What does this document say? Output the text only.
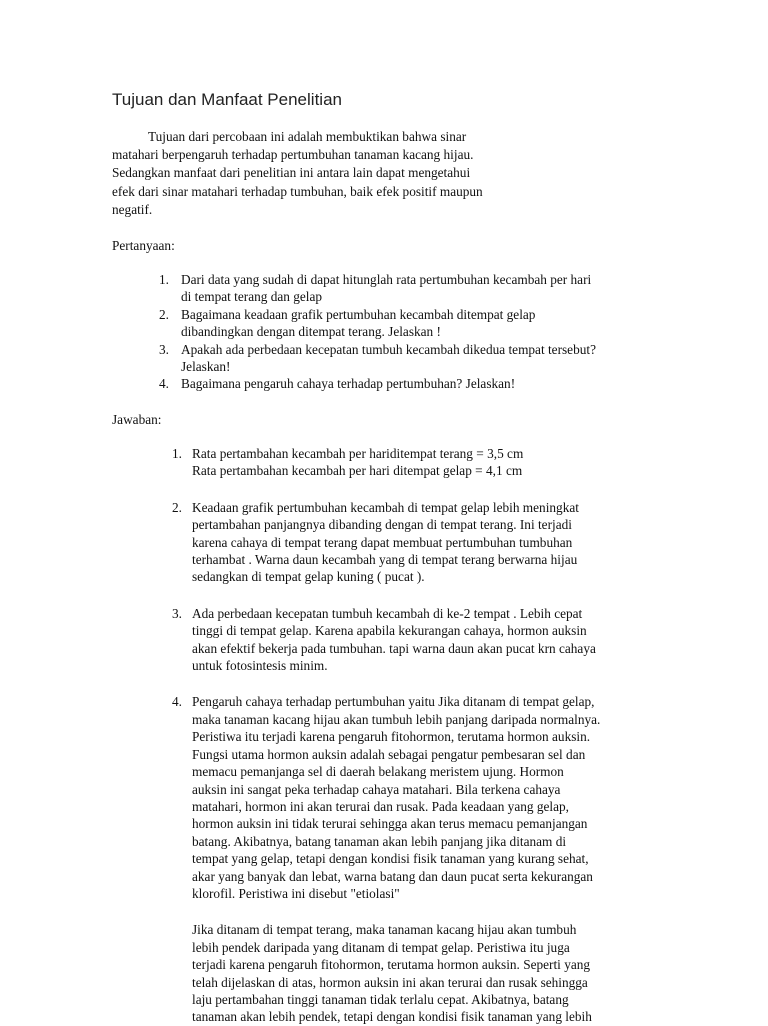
Tujuan dan Manfaat Penelitian

Tujuan dari percobaan ini adalah membuktikan bahwa sinar
matahari berpengaruh terhadap pertumbuhan tanaman kacang hijau.
Sedangkan manfaat dari penelitian ini antara lain dapat mengetahui
efek dari sinar matahari terhadap tumbuhan, baik efek positif maupun
negatif.

Pertanyaan:

1. Dari data yang sudah di dapat hitunglah rata pertumbuhan kecambah per hari
di tempat terang dan gelap
2. Bagaimana keadaan grafik pertumbuhan kecambah ditempat gelap
dibandingkan dengan ditempat terang. Jelaskan !
3. Apakah ada perbedaan kecepatan tumbuh kecambah dikedua tempat tersebut?
Jelaskan!
4. Bagaimana pengaruh cahaya terhadap pertumbuhan? Jelaskan!

Jawaban:

1. Rata pertambahan kecambah per hariditempat terang = 3,5 cm
Rata pertambahan kecambah per hari ditempat gelap = 4,1 cm
2. Keadaan grafik pertumbuhan kecambah di tempat gelap lebih meningkat
pertambahan panjangnya dibanding dengan di tempat terang. Ini terjadi
karena cahaya di tempat terang dapat membuat pertumbuhan tumbuhan
terhambat . Warna daun kecambah yang di tempat terang berwarna hijau
sedangkan di tempat gelap kuning ( pucat ).
3. Ada perbedaan kecepatan tumbuh kecambah di ke-2 tempat . Lebih cepat
tinggi di tempat gelap. Karena apabila kekurangan cahaya, hormon auksin
akan efektif bekerja pada tumbuhan. tapi warna daun akan pucat krn cahaya
untuk fotosintesis minim.
4. Pengaruh cahaya terhadap pertumbuhan yaitu Jika ditanam di tempat gelap,
maka tanaman kacang hijau akan tumbuh lebih panjang daripada normalnya.
Peristiwa itu terjadi karena pengaruh fitohormon, terutama hormon auksin.
Fungsi utama hormon auksin adalah sebagai pengatur pembesaran sel dan
memacu pemanjanga sel di daerah belakang meristem ujung. Hormon
auksin ini sangat peka terhadap cahaya matahari. Bila terkena cahaya
matahari, hormon ini akan terurai dan rusak. Pada keadaan yang gelap,
hormon auksin ini tidak terurai sehingga akan terus memacu pemanjangan
batang. Akibatnya, batang tanaman akan lebih panjang jika ditanam di
tempat yang gelap, tetapi dengan kondisi fisik tanaman yang kurang sehat,
akar yang banyak dan lebat, warna batang dan daun pucat serta kekurangan
klorofil. Peristiwa ini disebut "etiolasi"
Jika ditanam di tempat terang, maka tanaman kacang hijau akan tumbuh
lebih pendek daripada yang ditanam di tempat gelap. Peristiwa itu juga
terjadi karena pengaruh fitohormon, terutama hormon auksin. Seperti yang
telah dijelaskan di atas, hormon auksin ini akan terurai dan rusak sehingga
laju pertambahan tinggi tanaman tidak terlalu cepat. Akibatnya, batang
tanaman akan lebih pendek, tetapi dengan kondisi fisik tanaman yang lebih
